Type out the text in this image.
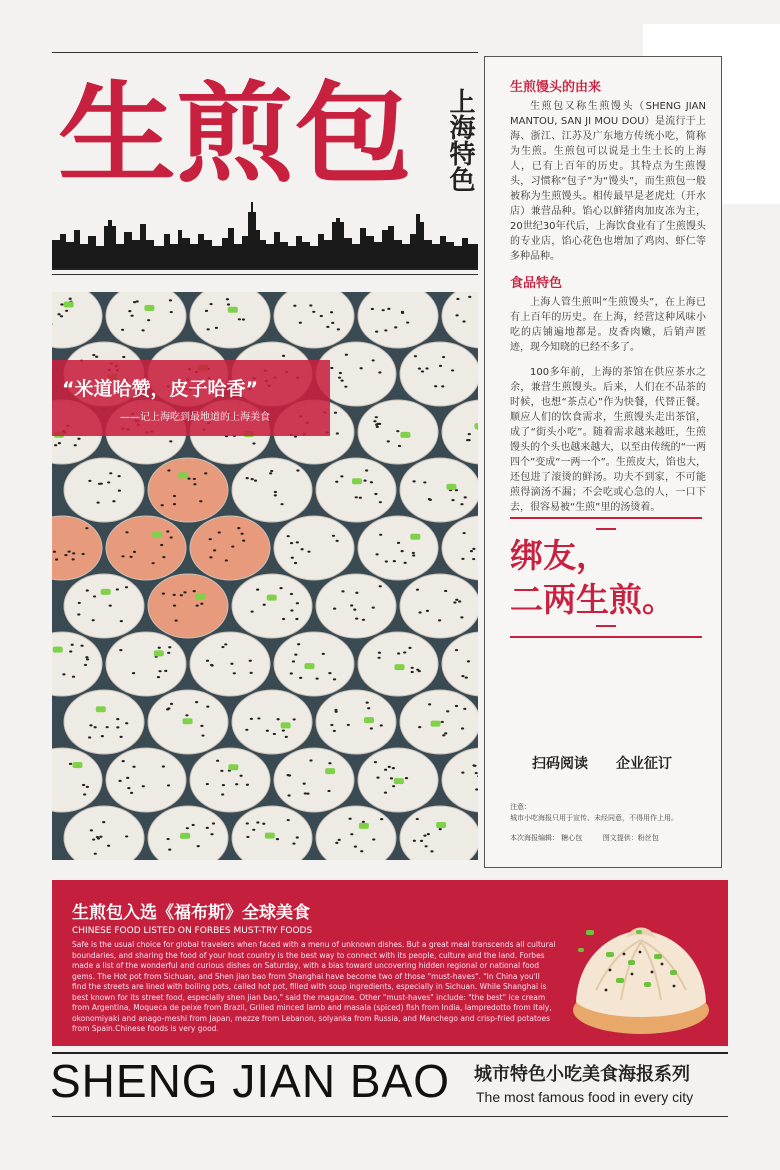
生煎包	上海特色
生煎馒头的由来
生煎包又称生煎馒头（SHENG JIAN MANTOU, SAN JI MOU DOU）是流行于上海、浙江、江苏及广东地方传统小吃，简称为生煎。生煎包可以说是土生土长的上海人，已有上百年的历史。其特点为生煎馒头，习惯称“包子”为“馒头”，而生煎包一般被称为生煎馒头。相传最早是老虎灶（开水店）兼营品种。馅心以鲜猪肉加皮冻为主，20世纪30年代后，上海饮食业有了生煎馒头的专业店，馅心花色也增加了鸡肉、虾仁等多种品种。
食品特色
上海人管生煎叫“生煎馒头”，在上海已有上百年的历史。在上海，经营这种风味小吃的店铺遍地都是。皮香肉嫩，后销声匿迹，现今知晓的已经不多了。
100多年前，上海的茶馆在供应茶水之余，兼营生煎馒头。后来，人们在不品茶的时候，也想“茶点心”作为快餐，代替正餐。顺应人们的饮食需求，生煎馒头走出茶馆，成了“街头小吃”。随着需求越来越旺，生煎馒头的个头也越来越大，以至由传统的“一两四个”变成“一两一个”。生煎皮大，馅也大，还包进了滚烫的鲜汤。功夫不到家，不可能煎得滴汤不漏；不会吃或心急的人，一口下去，很容易被“生煎”里的汤烫着。
绑友，
二两生煎。
扫码阅读 企业征订
注意：
城市小吃海报只用于宣传、未经同意，不得用作上用。
本次海报编辑： 糖心包	图文提供：粉丝包
“米道哈赞，皮子哈香”
——记上海吃到最地道的上海美食
生煎包入选《福布斯》全球美食
CHINESE FOOD LISTED ON FORBES MUST-TRY FOODS
Safe is the usual choice for global travelers when faced with a menu of unknown dishes. But a great meal transcends all cultural boundaries, and sharing the food of your host country is the best way to connect with its people, culture and the land. Forbes made a list of the wonderful and curious dishes on Saturday, with a bias toward uncovering hidden regional or national food gems. The Hot pot from Sichuan, and Shen jian bao from Shanghai have become two of those "must-haves". "In China you'll find the streets are lined with boiling pots, called hot pot, filled with soup ingredients, especially in Sichuan. While Shanghai is best known for its street food, especially shen jian bao," said the magazine. Other "must-haves" include: "the best" ice cream from Argentina, Moqueca de peixe from Brazil, Grilled minced lamb and masala (spiced) fish from India, lampredotto from Italy, okonomiyaki and anago-meshi from Japan, mezze from Lebanon, solyanka from Russia, and Manchego and crisp-fried potatoes from Spain.Chinese foods is very good.
SHENG JIAN BAO 城市特色小吃美食海报系列
The most famous food in every city
